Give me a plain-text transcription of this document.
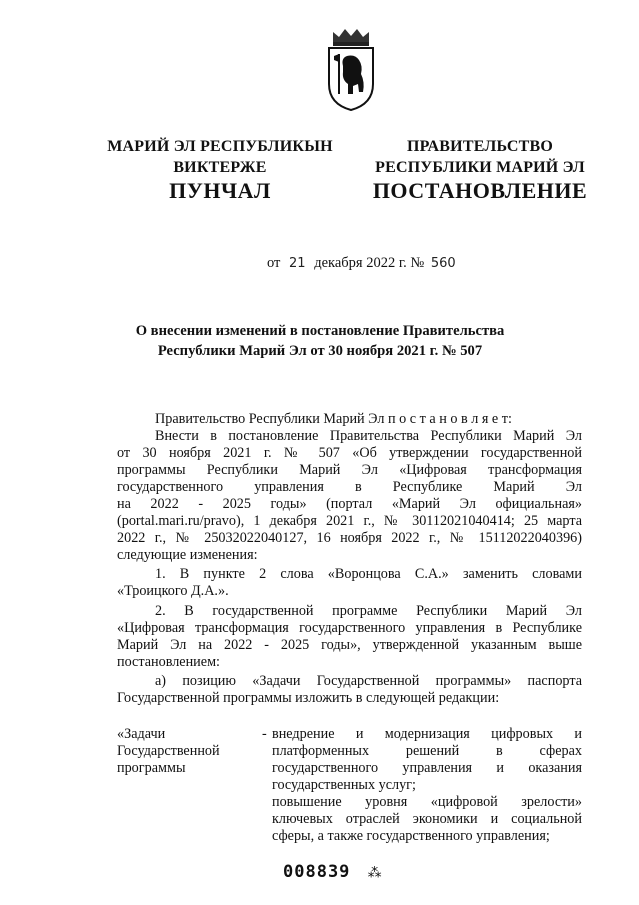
МАРИЙ ЭЛ РЕСПУБЛИКЫН
ВИКТЕРЖЕ
ПУНЧАЛ
ПРАВИТЕЛЬСТВО
РЕСПУБЛИКИ МАРИЙ ЭЛ
ПОСТАНОВЛЕНИЕ
от 21 декабря 2022 г. № 560
О внесении изменений в постановление Правительства
Республики Марий Эл от 30 ноября 2021 г. № 507
Правительство Республики Марий Эл п о с т а н о в л я е т:
Внести в постановление Правительства Республики Марий Эл
от 30 ноября 2021 г. № 507 «Об утверждении государственной
программы Республики Марий Эл «Цифровая трансформация
государственного управления в Республике Марий Эл
на 2022 - 2025 годы» (портал «Марий Эл официальная»
(portal.mari.ru/pravo), 1 декабря 2021 г., № 30112021040414; 25 марта
2022 г., № 25032022040127, 16 ноября 2022 г., № 15112022040396)
следующие изменения:
1. В пункте 2 слова «Воронцова С.А.» заменить словами
«Троицкого Д.А.».
2. В государственной программе Республики Марий Эл
«Цифровая трансформация государственного управления в Республике
Марий Эл на 2022 - 2025 годы», утвержденной указанным выше
постановлением:
а) позицию «Задачи Государственной программы» паспорта
Государственной программы изложить в следующей редакции:
«Задачи
Государственной
программы
- внедрение и модернизация цифровых и
платформенных решений в сферах
государственного управления и оказания
государственных услуг;
повышение уровня «цифровой зрелости»
ключевых отраслей экономики и социальной
сферы, а также государственного управления;
008839 ⁂
